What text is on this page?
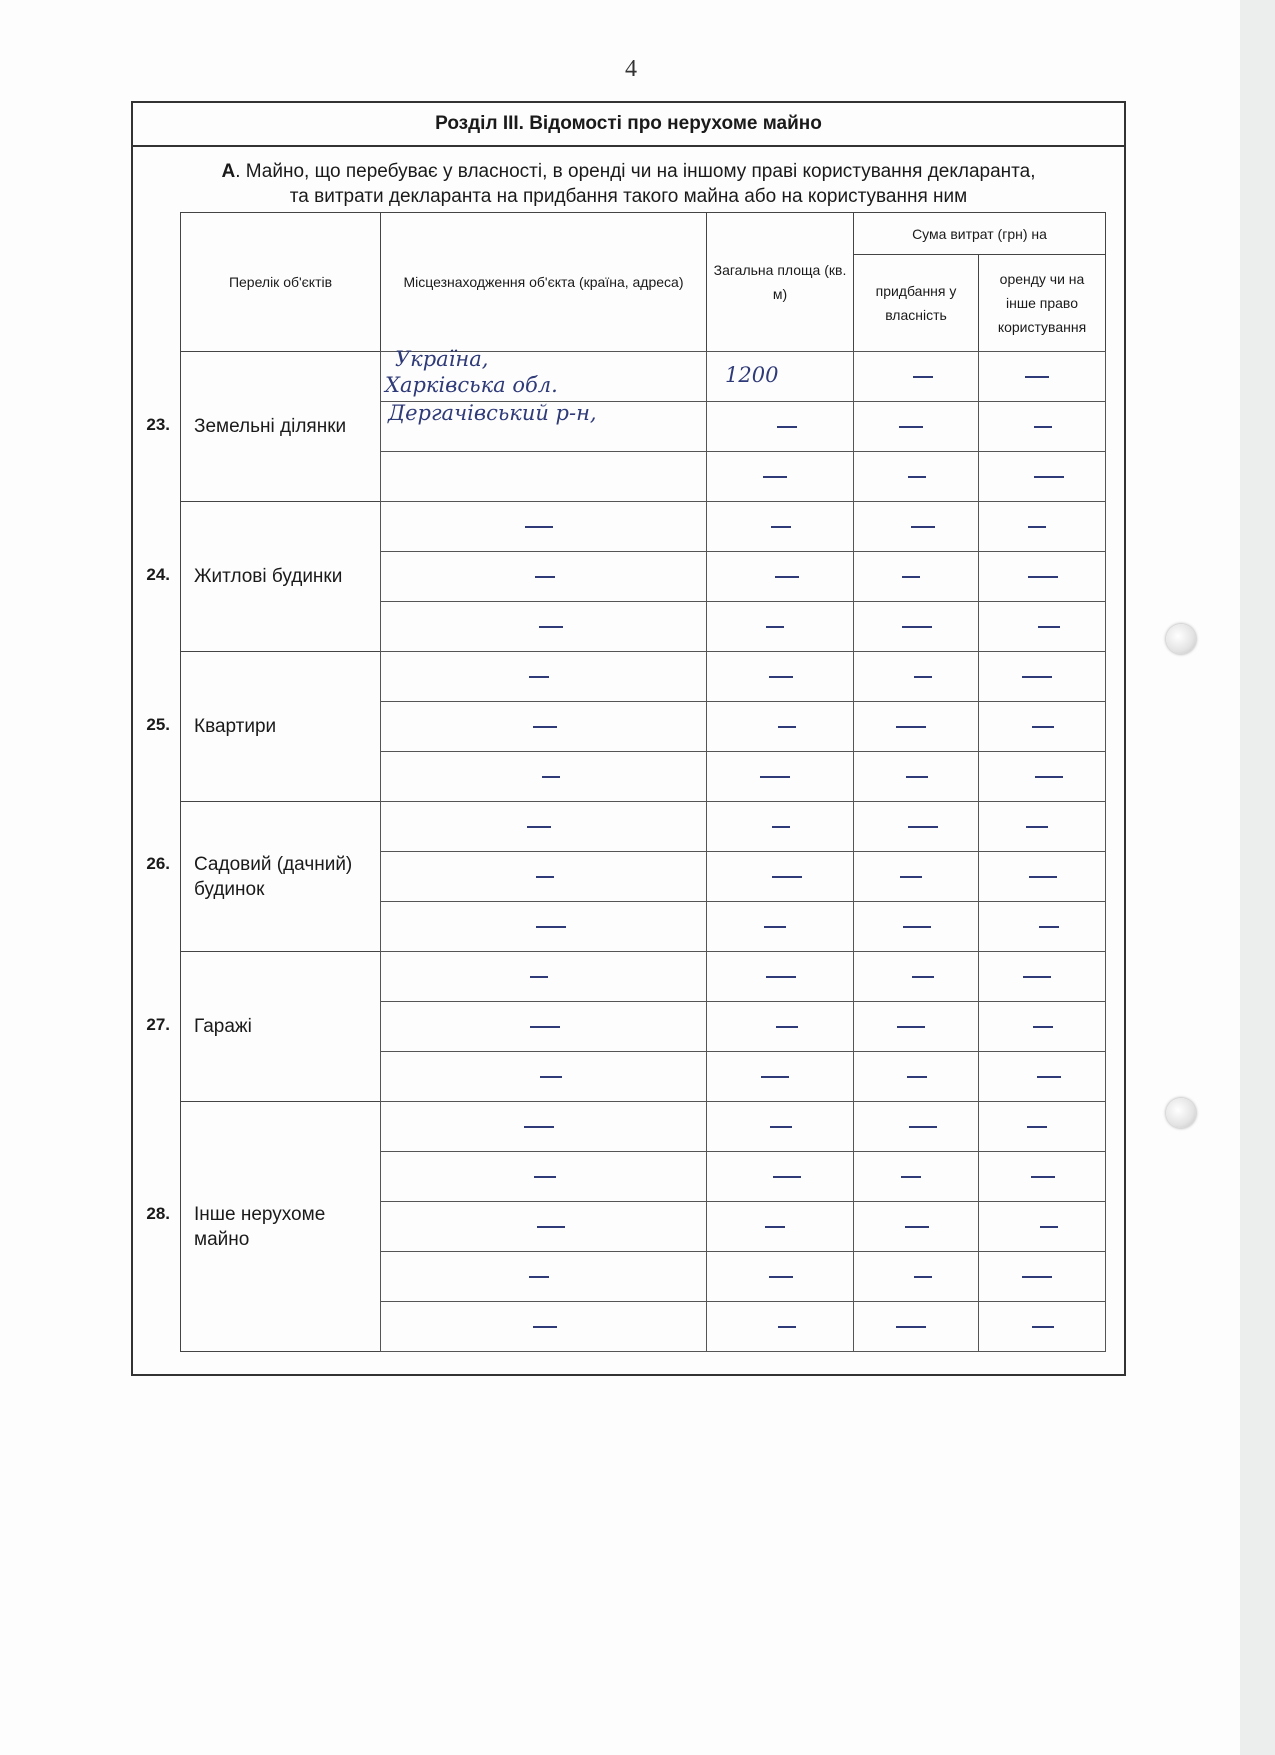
4
Розділ III. Відомості про нерухоме майно
А. Майно, що перебуває у власності, в оренді чи на іншому праві користування декларанта,
та витрати декларанта на придбання такого майна або на користування ним
Перелік об'єктів	Місцезнаходження об'єкта (країна, адреса)
Загальна площа (кв. м)
Сума витрат (грн) на
придбання у власність
оренду чи на інше право користування
Земельні ділянки
23.
Житлові будинки
24.
Квартири
25.
Садовий (дачний) будинок
26.
Гаражі
27.
Інше нерухоме майно
28.
Україна,
Харківська обл.
Дергачівський р-н,
1200
